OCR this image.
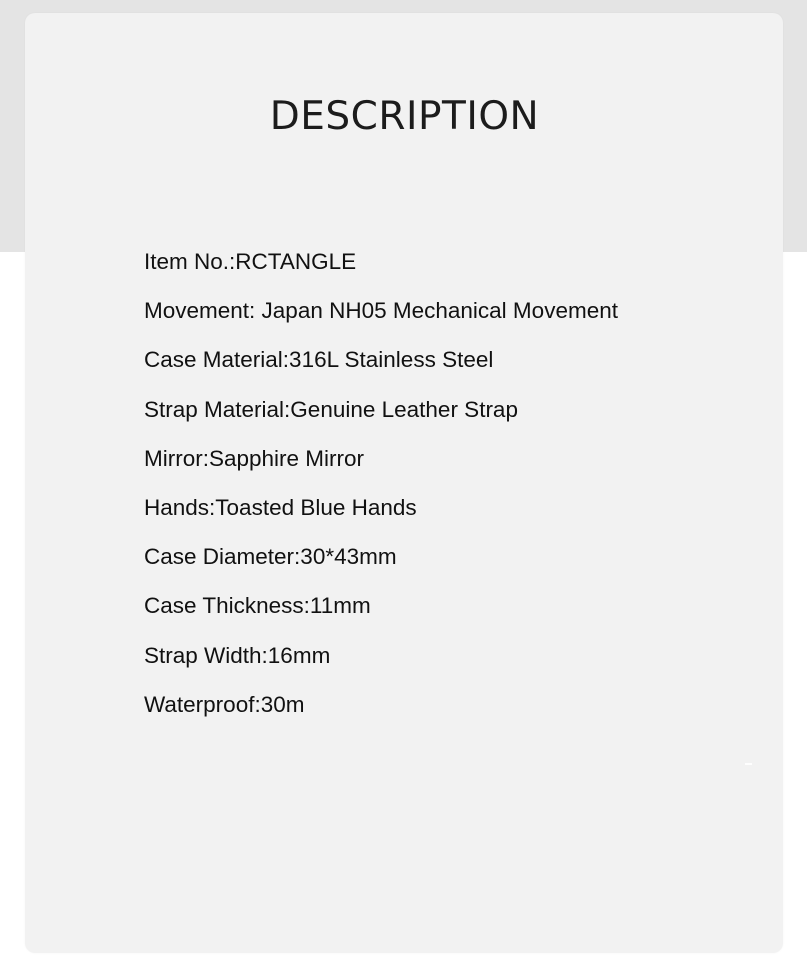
DESCRIPTION
Item No.:RCTANGLE
Movement: Japan NH05 Mechanical Movement
Case Material:316L Stainless Steel
Strap Material:Genuine Leather Strap
Mirror:Sapphire Mirror
Hands:Toasted Blue Hands
Case Diameter:30*43mm
Case Thickness:11mm
Strap Width:16mm
Waterproof:30m
